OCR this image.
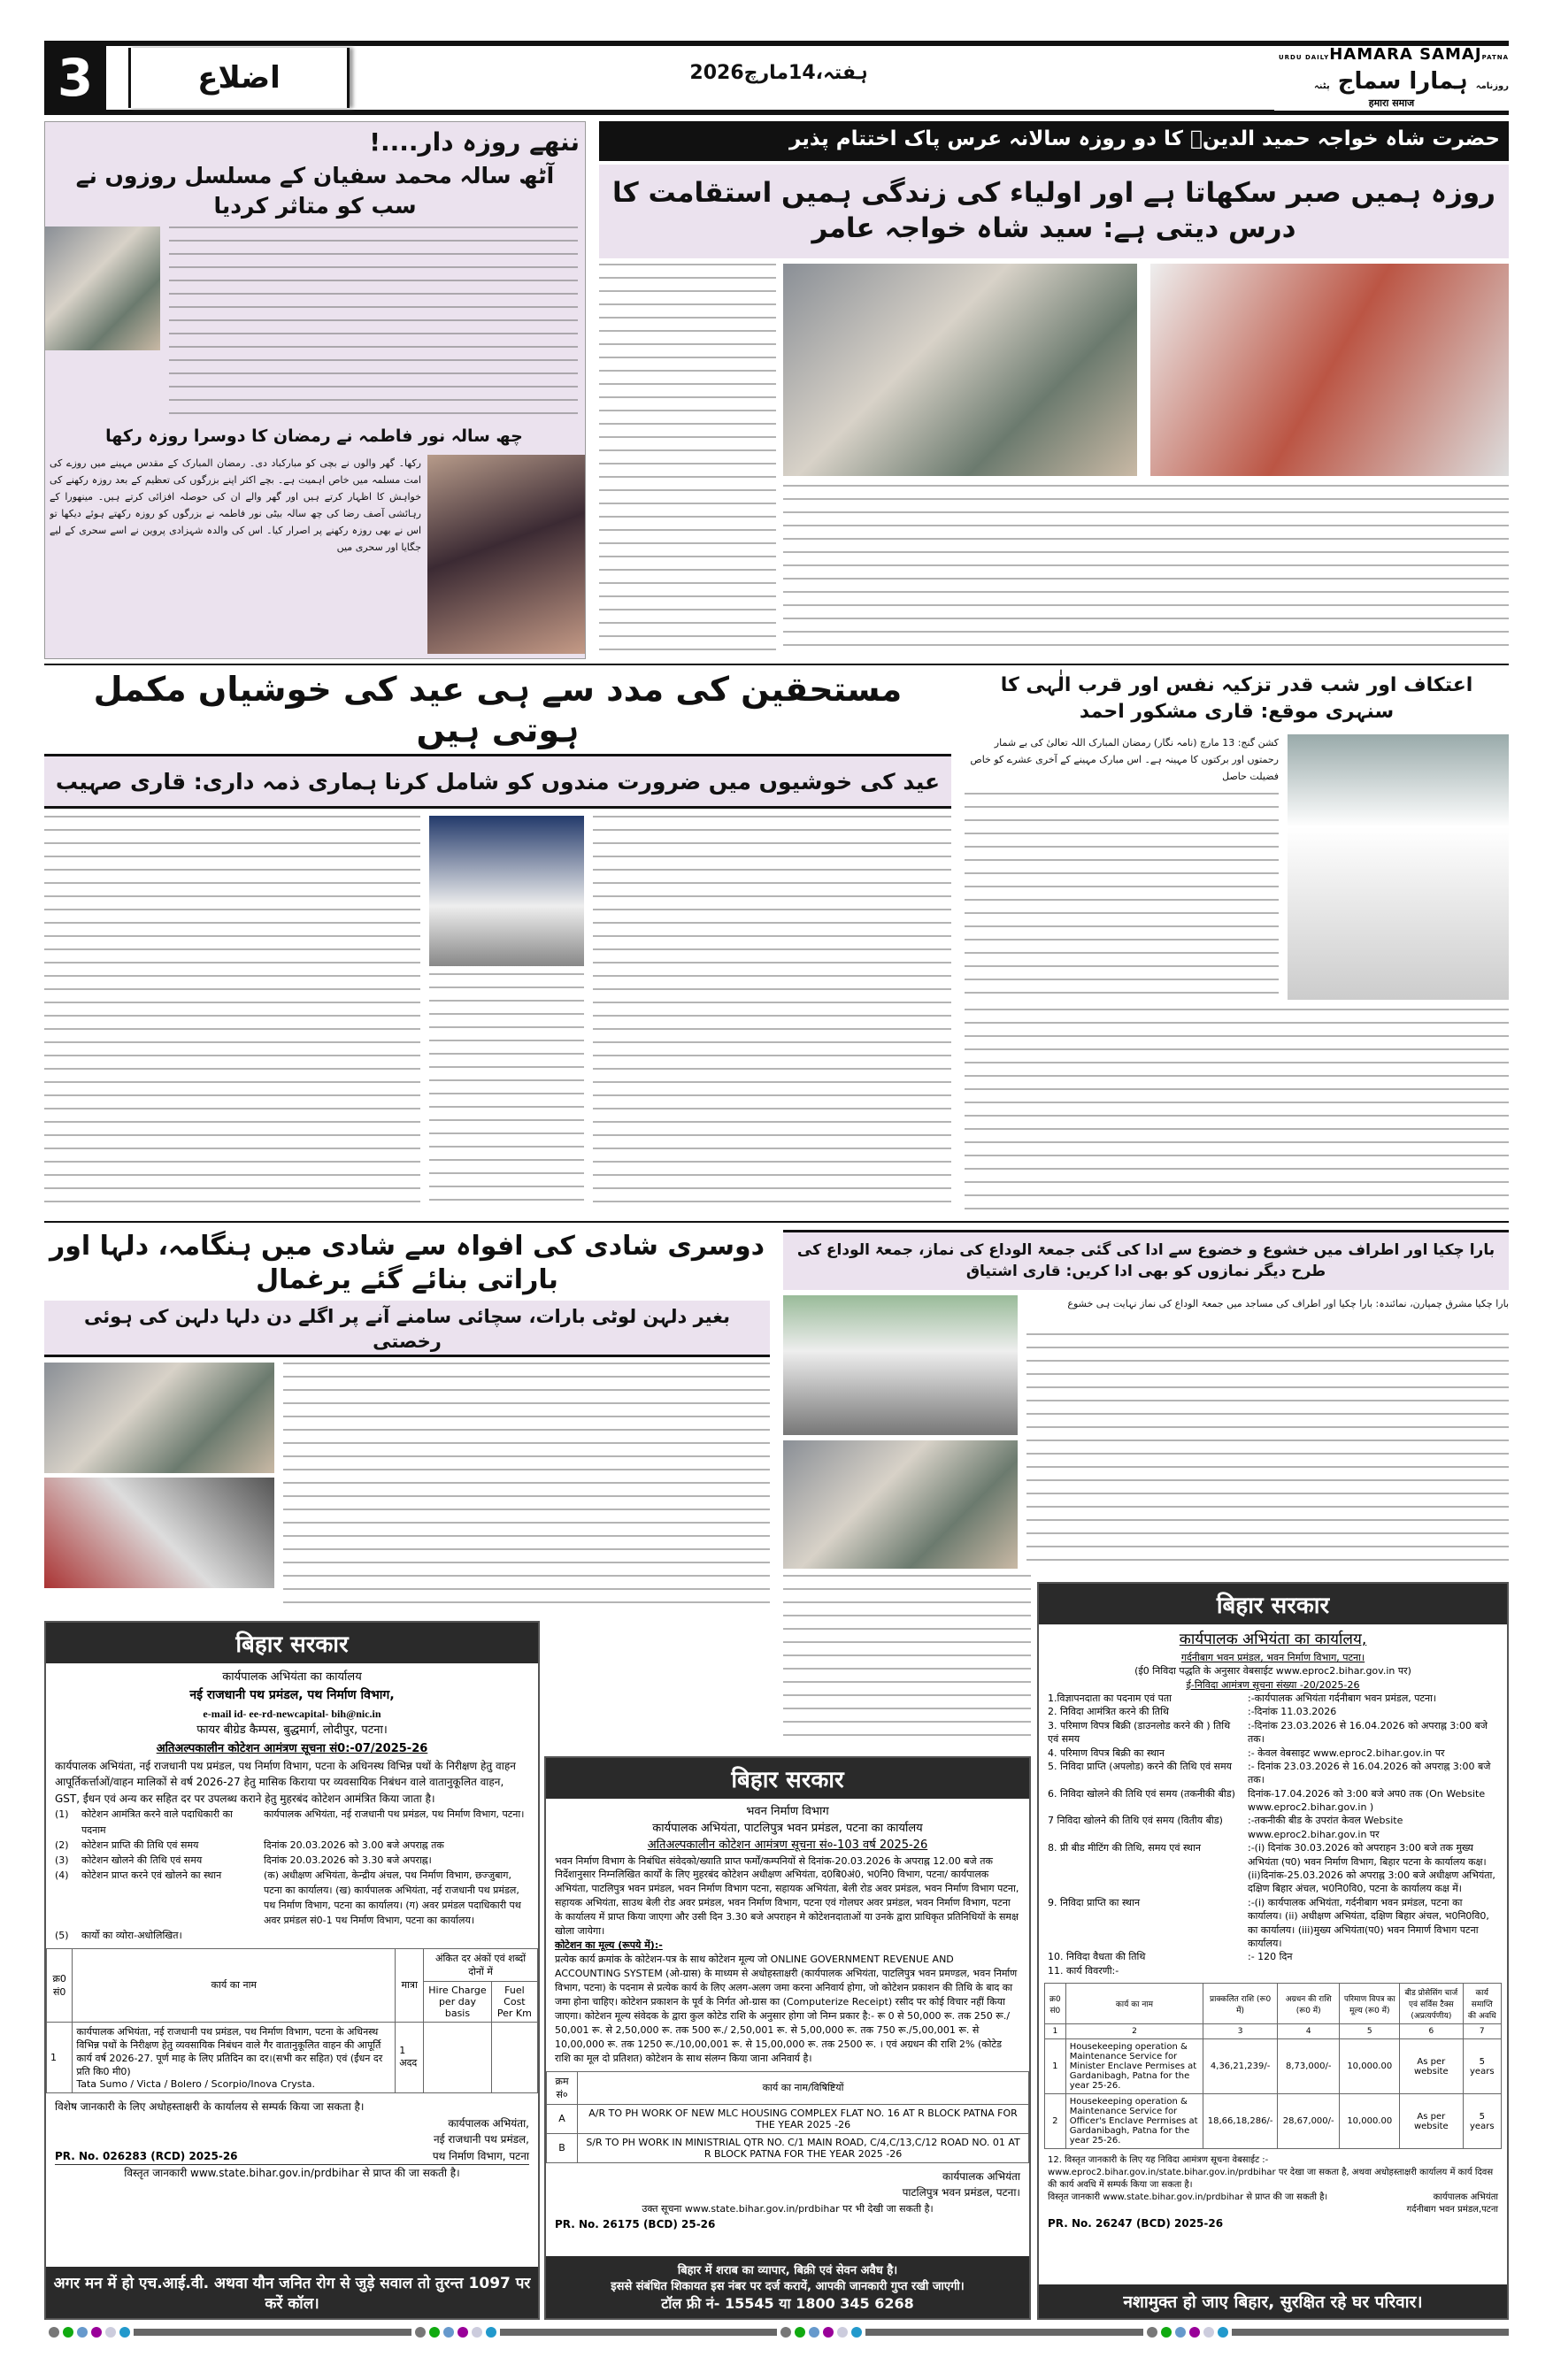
3	اضلاع	ہفتہ،14مارچ2026
URDU DAILYHAMARA SAMAJPATNA
روزنامہ ہمارا سماج پٹنہ
हमारा समाज
ننھے روزہ دار....!
آٹھ سالہ محمد سفیان کے مسلسل روزوں نے سب کو متاثر کردیا
چھ سالہ نور فاطمہ نے رمضان کا دوسرا روزہ رکھا
رکھا۔ گھر والوں نے بچی کو مبارکباد دی۔ رمضان المبارک کے مقدس مہینے میں روزے کی امت مسلمہ میں خاص اہمیت ہے۔ بچے اکثر اپنے بزرگوں کی تعظیم کے بعد روزہ رکھنے کی خواہش کا اظہار کرتے ہیں اور گھر والے ان کی حوصلہ افزائی کرتے ہیں۔ مینھورا کے رہائشی آصف رضا کی چھ سالہ بیٹی نور فاطمہ نے بزرگوں کو روزہ رکھتے ہوئے دیکھا تو اس نے بھی روزہ رکھنے پر اصرار کیا۔ اس کی والدہ شہزادی پروین نے اسے سحری کے لیے جگایا اور سحری میں
حضرت شاہ خواجہ حمید الدینؒ کا دو روزہ سالانہ عرس پاک اختتام پذیر
روزہ ہمیں صبر سکھاتا ہے اور اولیاء کی زندگی ہمیں استقامت کا درس دیتی ہے: سید شاہ خواجہ عامر
مستحقین کی مدد سے ہی عید کی خوشیاں مکمل ہوتی ہیں
عید کی خوشیوں میں ضرورت مندوں کو شامل کرنا ہماری ذمہ داری: قاری صہیب
اعتکاف اور شب قدر تزکیہ نفس اور قرب الٰہی کا سنہری موقع: قاری مشکور احمد
کشن گنج: 13 مارچ (نامہ نگار) رمضان المبارک اللہ تعالیٰ کی بے شمار رحمتوں اور برکتوں کا مہینہ ہے۔ اس مبارک مہینے کے آخری عشرے کو خاص فضیلت حاصل
دوسری شادی کی افواہ سے شادی میں ہنگامہ، دلہا اور باراتی بنائے گئے یرغمال
بغیر دلہن لوٹی بارات، سچائی سامنے آنے پر اگلے دن دلہا دلہن کی ہوئی رخصتی
بارا چکیا اور اطراف میں خشوع و خضوع سے ادا کی گئی جمعۃ الوداع کی نماز، جمعۃ الوداع کی طرح دیگر نمازوں کو بھی ادا کریں: قاری اشتیاق
بارا چکیا مشرق چمپارن، نمائندہ: بارا چکیا اور اطراف کی مساجد میں جمعۃ الوداع کی نماز نہایت ہی خشوع
बिहार सरकार
कार्यपालक अभियंता का कार्यालय
नई राजधानी पथ प्रमंडल, पथ निर्माण विभाग,
e-mail id- ee-rd-newcapital- bih@nic.in
फायर बीग्रेड कैम्पस, बुद्धमार्ग, लोदीपुर, पटना।
अतिअल्पकालीन कोटेशन आमंत्रण सूचना सं0:-07/2025-26
कार्यपालक अभियंता, नई राजधानी पथ प्रमंडल, पथ निर्माण विभाग, पटना के अधिनस्थ विभिन्न पथों के निरीक्षण हेतु वाहन आपूर्तिकर्त्ताओं/वाहन मालिकों से वर्ष 2026-27 हेतु मासिक किराया पर व्यवसायिक निबंधन वाले वातानुकूलित वाहन, GST, ईंधन एवं अन्य कर सहित दर पर उपलब्ध कराने हेतु मुहरबंद कोटेशन आमंत्रित किया जाता है।
(1)	कोटेशन आमंत्रित करने वाले पदाधिकारी का पदनाम
कार्यपालक अभियंता, नई राजधानी पथ प्रमंडल, पथ निर्माण विभाग, पटना।
(2)	कोटेशन प्राप्ति की तिथि एवं समय	दिनांक 20.03.2026 को 3.00 बजे अपराह्न तक
(3)	कोटेशन खोलने की तिथि एवं समय	दिनांक 20.03.2026 को 3.30 बजे अपराह्न।
(4)	कोटेशन प्राप्त करने एवं खोलने का स्थान	(क) अधीक्षण अभियंता, केन्द्रीय अंचल, पथ निर्माण विभाग, छज्जुबाग, पटना का कार्यालय। (ख) कार्यपालक अभियंता, नई राजधानी पथ प्रमंडल, पथ निर्माण विभाग, पटना का कार्यालय। (ग) अवर प्रमंडल पदाधिकारी पथ अवर प्रमंडल सं0-1 पथ निर्माण विभाग, पटना का कार्यालय।
(5)	कार्यो का व्योरा-अधोलिखित।
क्र0 सं0	कार्य का नाम	मात्रा	अंकित दर अंकों एवं शब्दों दोनों में	
			Hire Charge per day basis	Fuel Cost Per Km
1	कार्यपालक अभियंता, नई राजधानी पथ प्रमंडल, पथ निर्माण विभाग, पटना के अधिनस्थ विभिन्न पथों के निरीक्षण हेतु व्यवसायिक निबंधन वाले गैर वातानुकूलित वाहन की आपूर्ति कार्य वर्ष 2026-27. पूर्ण माह के लिए प्रतिदिन का दर।(सभी कर सहित) एवं (ईंधन दर प्रति कि0 मी0)
Tata Sumo / Victa / Bolero / Scorpio/Inova Crysta.	1 अदद		
विशेष जानकारी के लिए अधोहस्ताक्षरी के कार्यालय से सम्पर्क किया जा सकता है।
PR. No. 026283 (RCD) 2025-26
कार्यपालक अभियंता,
नई राजधानी पथ प्रमंडल,
पथ निर्माण विभाग, पटना
विस्तृत जानकारी www.state.bihar.gov.in/prdbihar से प्राप्त की जा सकती है।
अगर मन में हो एच.आई.वी. अथवा यौन जनित रोग से जुड़े सवाल तो तुरन्त 1097 पर करें कॉल।
बिहार सरकार
भवन निर्माण विभाग
कार्यपालक अभियंता, पाटलिपुत्र भवन प्रमंडल, पटना का कार्यालय
अतिअल्पकालीन कोटेशन आमंत्रण सूचना सं०-103 वर्ष 2025-26
भवन निर्माण विभाग के निबंधित संवेदको/ख्याति प्राप्त फर्मों/कम्पनियों से दिनांक-20.03.2026 के अपराह्न 12.00 बजे तक निर्देशानुसार निम्नलिखित कार्यों के लिए मुहरबंद कोटेशन अधीक्षण अभियंता, द0बि0अं0, भ0नि0 विभाग, पटना/ कार्यपालक अभियंता, पाटलिपुत्र भवन प्रमंडल, भवन निर्माण विभाग पटना, सहायक अभियंता, बेली रोड अवर प्रमंडल, भवन निर्माण विभाग पटना, सहायक अभियंता, साउथ बेली रोड अवर प्रमंडल, भवन निर्माण विभाग, पटना एवं गोलघर अवर प्रमंडल, भवन निर्माण विभाग, पटना के कार्यालय में प्राप्त किया जाएगा और उसी दिन 3.30 बजे अपराहन मे कोटेशनदाताओं या उनके द्वारा प्राधिकृत प्रतिनिधियों के समक्ष खोला जायेगा।
कोटेशन का मूल्य (रूपये में):-
प्रत्येक कार्य क्रमांक के कोटेशन-पत्र के साथ कोटेशन मूल्य जो ONLINE GOVERNMENT REVENUE AND ACCOUNTING SYSTEM (ओ-ग्रास) के माध्यम से अधोहस्ताक्षरी (कार्यपालक अभियंता, पाटलिपुत्र भवन प्रमण्डल, भवन निर्माण विभाग, पटना) के पदनाम से प्रत्येक कार्य के लिए अलग-अलग जमा करना अनिवार्य होगा, जो कोटेशन प्रकाशन की तिथि के बाद का जमा होना चाहिए। कोटेशन प्रकाशन के पूर्व के निर्गत ओ-ग्रास का (Computerize Receipt) रसीद पर कोई विचार नहीं किया जाएगा। कोटेशन मूल्य संवेदक के द्वारा कुल कोटेड राशि के अनुसार होगा जो निम्न प्रकार है:- रू 0 से 50,000 रू. तक 250 रू./ 50,001 रू. से 2,50,000 रू. तक 500 रू./ 2,50,001 रू. से 5,00,000 रू. तक 750 रू./5,00,001 रू. से 10,00,000 रू. तक 1250 रू./10,00,001 रू. से 15,00,000 रू. तक 2500 रू. । एवं अग्रधन की राशि 2% (कोटेड राशि का मूल दो प्रतिशत) कोटेशन के साथ संलग्न किया जाना अनिवार्य है।
क्रम सं०	कार्य का नाम/विषिष्टियों
A	A/R TO PH WORK OF NEW MLC HOUSING COMPLEX FLAT NO. 16 AT R BLOCK PATNA FOR THE YEAR 2025 -26
B	S/R TO PH WORK IN MINISTRIAL QTR NO. C/1 MAIN ROAD, C/4,C/13,C/12 ROAD NO. 01 AT R BLOCK PATNA FOR THE YEAR 2025 -26
कार्यपालक अभियंता
पाटलिपुत्र भवन प्रमंडल, पटना।
उक्त सूचना www.state.bihar.gov.in/prdbihar पर भी देखी जा सकती है।
PR. No. 26175 (BCD) 25-26
बिहार में शराब का व्यापार, बिक्री एवं सेवन अवैध है।
इससे संबंधित शिकायत इस नंबर पर दर्ज करायें, आपकी जानकारी गुप्त रखी जाएगी।
टॉल फ्री नं- 15545 या 1800 345 6268
बिहार सरकार
कार्यपालक अभियंता का कार्यालय,
गर्दनीबाग भवन प्रमंडल, भवन निर्माण विभाग, पटना।
(ई0 निविदा पद्धति के अनुसार वेबसाईट www.eproc2.bihar.gov.in पर)
ई-निविदा आमंत्रण सूचना संख्या -20/2025-26
1.विज्ञापनदाता का पदनाम एवं पता	:-कार्यपालक अभियंता गर्दनीबाग भवन प्रमंडल, पटना।
2. निविदा आमंत्रित करने की तिथि	:-दिनांक 11.03.2026
3. परिमाण विपत्र बिक्री (डाउनलोड करने की ) तिथि एवं समय
:-दिनांक 23.03.2026 से 16.04.2026 को अपराह्न 3:00 बजे तक।
4. परिमाण विपत्र बिक्री का स्थान	:- केवल वेबसाइट www.eproc2.bihar.gov.in पर
5. निविदा प्राप्ति (अपलोड) करने की तिथि एवं समय	:- दिनांक 23.03.2026 से 16.04.2026 को अपराह्न 3:00 बजे तक।
6. निविदा खोलने की तिथि एवं समय (तकनीकी बीड)	दिनांक-17.04.2026 को 3:00 बजे अप0 तक (On Website www.eproc2.bihar.gov.in )
7 निविदा खोलने की तिथि एवं समय (वितीय बीड)	:-तकनीकी बीड के उपरांत केवल Website www.eproc2.bihar.gov.in पर
8. प्री बीड मीटिंग की तिथि, समय एवं स्थान	:-(i) दिनांक 30.03.2026 को अपराहन 3:00 बजे तक मुख्य अभियंता (प0) भवन निर्माण विभाग, बिहार पटना के कार्यालय कक्ष। (ii)दिनांक-25.03.2026 को अपराह्न 3:00 बजे अधीक्षण अभियंता, दक्षिण बिहार अंचल, भ0नि0वि0, पटना के कार्यालय कक्ष में।
9. निविदा प्राप्ति का स्थान	:-(i) कार्यपालक अभियंता, गर्दनीबाग भवन प्रमंडल, पटना का कार्यालय। (ii) अधीक्षण अभियंता, दक्षिण बिहार अंचल, भ0नि0वि0, का कार्यालय। (iii)मुख्य अभियंता(प0) भवन निमार्ण विभाग पटना कार्यालय।
10. निविदा वैधता की तिथि	:- 120 दिन
11. कार्य विवरणी:-
क्र0 सं0	कार्य का नाम	प्राक्कलित राशि (रू0 में)	अग्रधन की राशि (रू0 में)	परिमाण विपत्र का मूल्य (रू0 में)	बीड प्रोसेसिंग चार्ज एवं सर्विस टैक्स (अप्रत्यर्पणीय)	कार्य समाप्ति की अवधि
1	2	3	4	5	6	7
1	Housekeeping operation & Maintenance Service for Minister Enclave Permises at Gardanibagh, Patna for the year 25-26.	4,36,21,239/-	8,73,000/-	10,000.00	As per website	5 years
2	Housekeeping operation & Maintenance Service for Officer's Enclave Permises at Gardanibagh, Patna for the year 25-26.	18,66,18,286/-	28,67,000/-	10,000.00	As per website	5 years
12. विस्तृत जानकारी के लिए यह निविदा आमंत्रण सूचना वेबसाईट :- www.eproc2.bihar.gov.in/state.bihar.gov.in/prdbihar पर देखा जा सकता है, अथवा अधोहस्ताक्षरी कार्यालय में कार्य दिवस की कार्य अवधि में सम्पर्क किया जा सकता है।
विस्तृत जानकारी www.state.bihar.gov.in/prdbihar से प्राप्त की जा सकती है।	कार्यपालक अभियंता
गर्दनीबाग भवन प्रमंडल,पटना
PR. No. 26247 (BCD) 2025-26
नशामुक्त हो जाए बिहार, सुरक्षित रहे घर परिवार।
